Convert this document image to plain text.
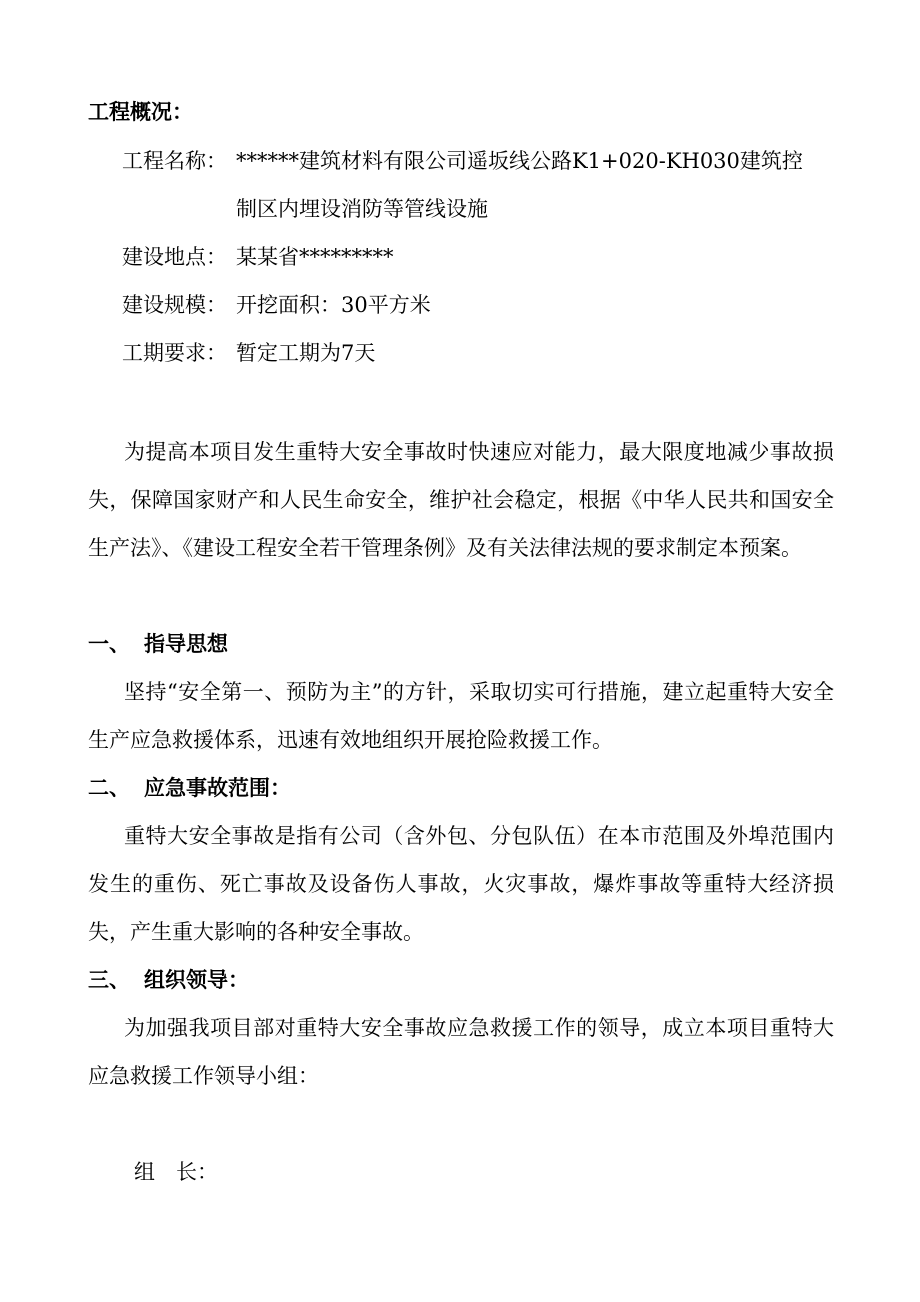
工程概况：
工程名称： ******建筑材料有限公司遥坂线公路K1+020-KH030建筑控
制区内埋设消防等管线设施
建设地点： 某某省*********
建设规模： 开挖面积：30平方米
工期要求： 暂定工期为7天

为提高本项目发生重特大安全事故时快速应对能力，最大限度地减少事故损失，保障国家财产和人民生命安全，维护社会稳定，根据《中华人民共和国安全生产法》、《建设工程安全若干管理条例》及有关法律法规的要求制定本预案。

一、 指导思想

坚持“安全第一、预防为主”的方针，采取切实可行措施，建立起重特大安全生产应急救援体系，迅速有效地组织开展抢险救援工作。

二、 应急事故范围：

重特大安全事故是指有公司（含外包、分包队伍）在本市范围及外埠范围内发生的重伤、死亡事故及设备伤人事故，火灾事故，爆炸事故等重特大经济损失，产生重大影响的各种安全事故。

三、 组织领导：

为加强我项目部对重特大安全事故应急救援工作的领导，成立本项目重特大应急救援工作领导小组：

组　长：
